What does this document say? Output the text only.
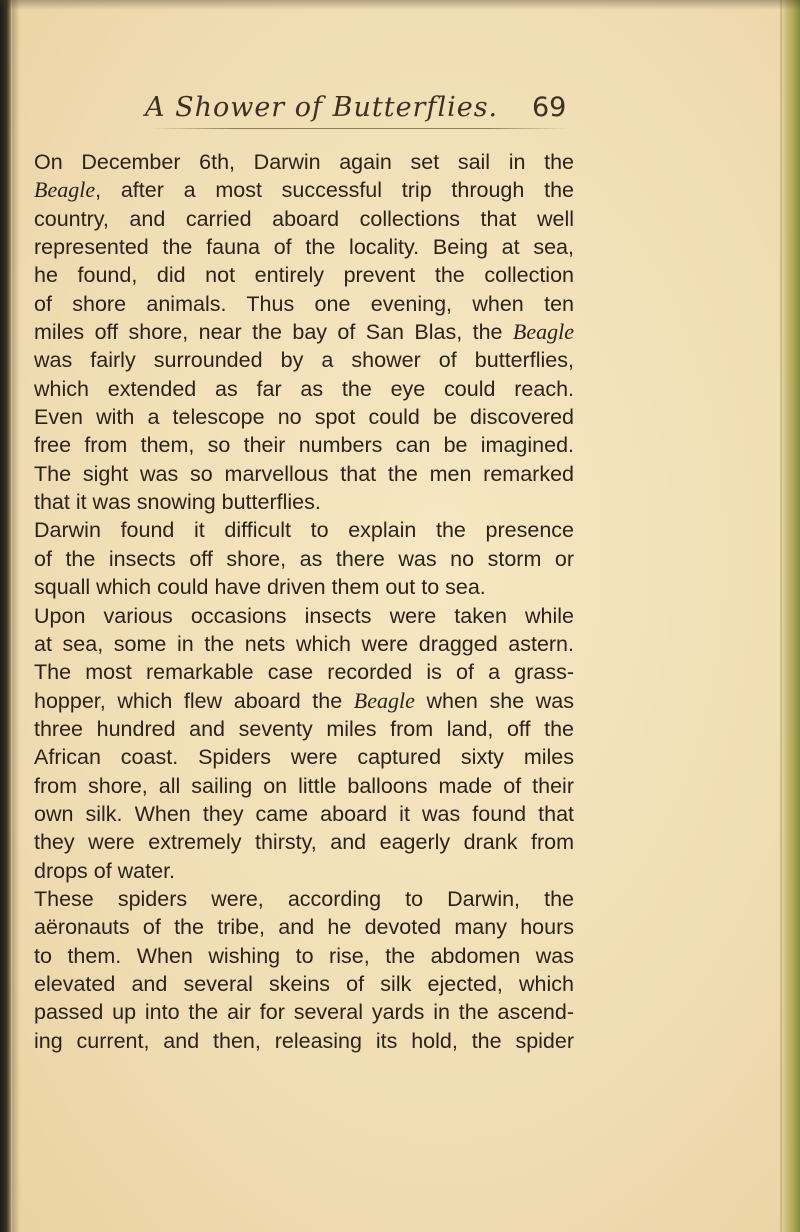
A Shower of Butterflies. 69
On December 6th, Darwin again set sail in the
Beagle, after a most successful trip through the
country, and carried aboard collections that well
represented the fauna of the locality. Being at sea,
he found, did not entirely prevent the collection
of shore animals. Thus one evening, when ten
miles off shore, near the bay of San Blas, the Beagle
was fairly surrounded by a shower of butterflies,
which extended as far as the eye could reach.
Even with a telescope no spot could be discovered
free from them, so their numbers can be imagined.
The sight was so marvellous that the men remarked
that it was snowing butterflies.
Darwin found it difficult to explain the presence
of the insects off shore, as there was no storm or
squall which could have driven them out to sea.
Upon various occasions insects were taken while
at sea, some in the nets which were dragged astern.
The most remarkable case recorded is of a grass-
hopper, which flew aboard the Beagle when she was
three hundred and seventy miles from land, off the
African coast. Spiders were captured sixty miles
from shore, all sailing on little balloons made of their
own silk. When they came aboard it was found that
they were extremely thirsty, and eagerly drank from
drops of water.
These spiders were, according to Darwin, the
aëronauts of the tribe, and he devoted many hours
to them. When wishing to rise, the abdomen was
elevated and several skeins of silk ejected, which
passed up into the air for several yards in the ascend-
ing current, and then, releasing its hold, the spider
